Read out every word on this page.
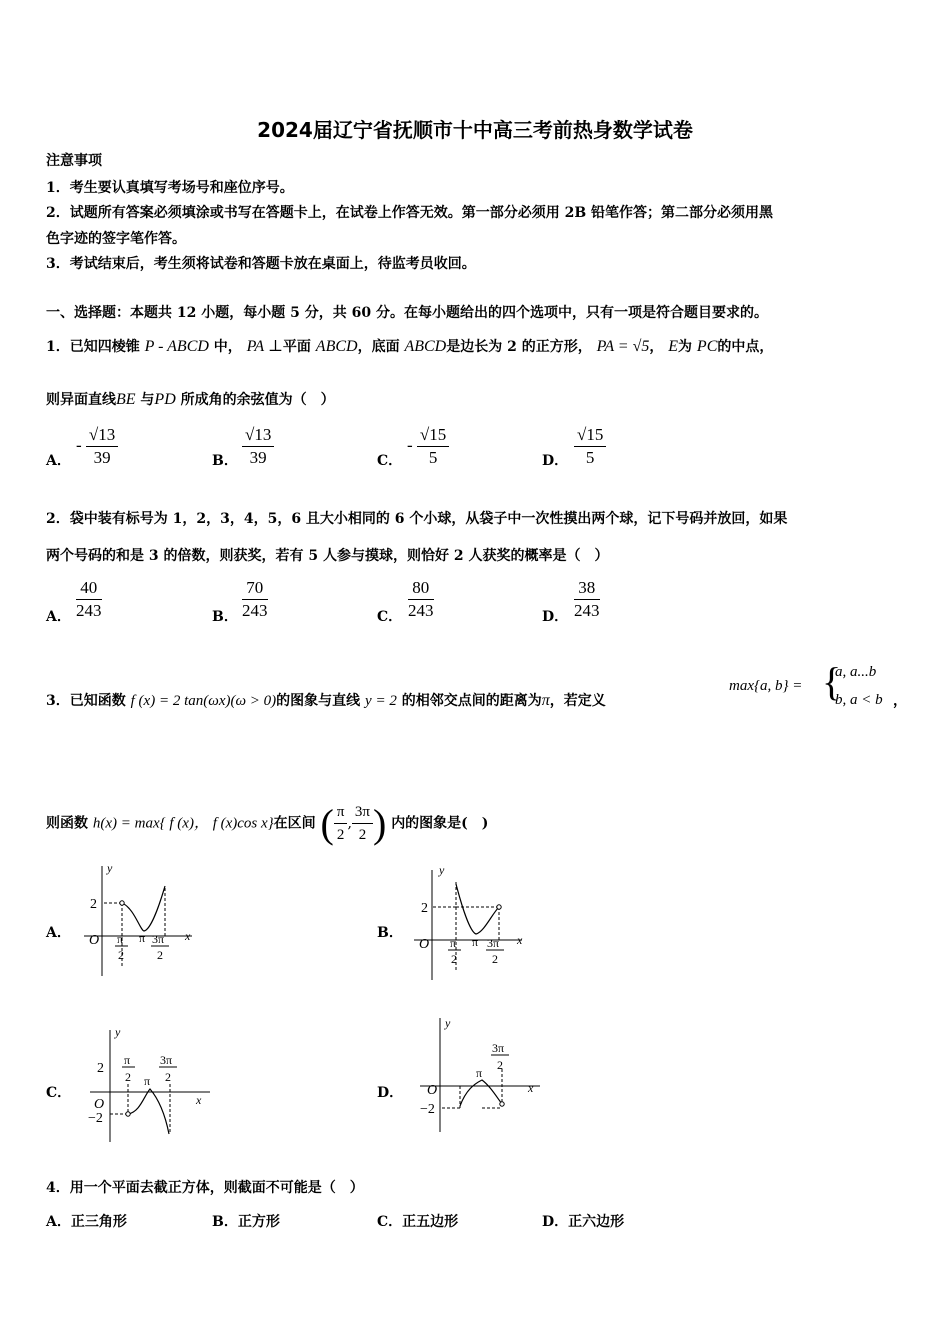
2024届辽宁省抚顺市十中高三考前热身数学试卷
注意事项
1．考生要认真填写考场号和座位序号。
2．试题所有答案必须填涂或书写在答题卡上，在试卷上作答无效。第一部分必须用 2B 铅笔作答；第二部分必须用黑
色字迹的签字笔作答。
3．考试结束后，考生须将试卷和答题卡放在桌面上，待监考员收回。
一、选择题：本题共 12 小题，每小题 5 分，共 60 分。在每小题给出的四个选项中，只有一项是符合题目要求的。
1．已知四棱锥 P - ABCD 中， PA ⊥平面 ABCD，底面 ABCD是边长为 2 的正方形， PA = √5， E为 PC的中点，
则异面直线BE 与PD 所成角的余弦值为（　）
A．
- $\frac{√13}{39}$	B． $\frac{√13}{39}$	C．
- $\frac{√15}{5}$	D． $\frac{√15}{5}$
2．袋中装有标号为 1，2，3，4，5，6 且大小相同的 6 个小球，从袋子中一次性摸出两个球，记下号码并放回，如果
两个号码的和是 3 的倍数，则获奖，若有 5 人参与摸球，则恰好 2 人获奖的概率是（　）
A． $\frac{40}{243}$	B． $\frac{70}{243}$	C． $\frac{80}{243}$	D． $\frac{38}{243}$
3．已知函数 f (x) = 2 tan(ωx)(ω > 0)的图象与直线 y = 2 的相邻交点间的距离为π，若定义
max{a, b} = {
a, a...b
b, a < b ，
则函数 h(x) = max{ f (x)， f (x)cos x}在区间 ( $\frac{\pi}{2}$ , $\frac{3\pi}{2}$ ) 内的图象是(　)
A．	B．
C．	D．
y
x
2
O π
2
π 3π
2
y
x
2
O π
2
π 3π
2
y
x
2
O
−2
π
2 π
3π
2
y
x
O
−2
π
3π
2
4．用一个平面去截正方体，则截面不可能是（　）
A．正三角形	B．正方形	C．正五边形	D．正六边形
